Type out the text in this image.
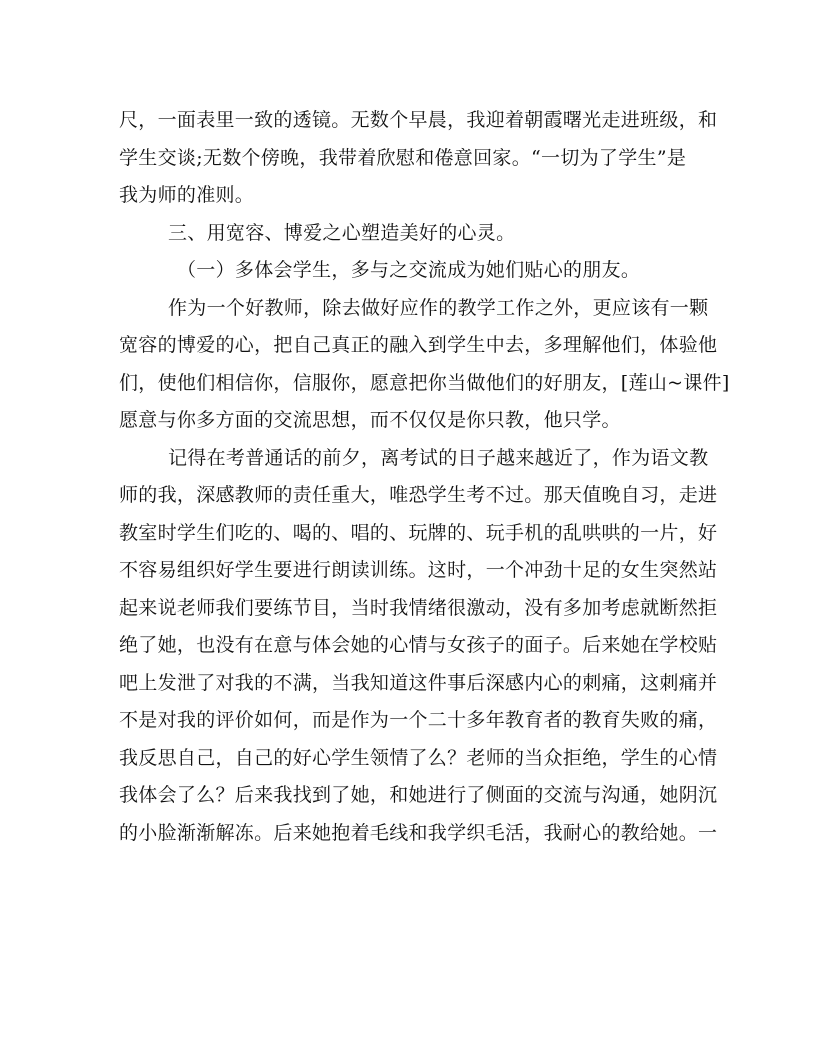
尺，一面表里一致的透镜。无数个早晨，我迎着朝霞曙光走进班级，和
学生交谈;无数个傍晚，我带着欣慰和倦意回家。“一切为了学生”是
我为师的准则。

三、用宽容、博爱之心塑造美好的心灵。

（一）多体会学生，多与之交流成为她们贴心的朋友。

作为一个好教师，除去做好应作的教学工作之外，更应该有一颗
宽容的博爱的心，把自己真正的融入到学生中去，多理解他们，体验他
们，使他们相信你，信服你，愿意把你当做他们的好朋友，[莲山~课件]
愿意与你多方面的交流思想，而不仅仅是你只教，他只学。

记得在考普通话的前夕，离考试的日子越来越近了，作为语文教
师的我，深感教师的责任重大，唯恐学生考不过。那天值晚自习，走进
教室时学生们吃的、喝的、唱的、玩牌的、玩手机的乱哄哄的一片，好
不容易组织好学生要进行朗读训练。这时，一个冲劲十足的女生突然站
起来说老师我们要练节目，当时我情绪很激动，没有多加考虑就断然拒
绝了她，也没有在意与体会她的心情与女孩子的面子。后来她在学校贴
吧上发泄了对我的不满，当我知道这件事后深感内心的刺痛，这刺痛并
不是对我的评价如何，而是作为一个二十多年教育者的教育失败的痛，
我反思自己，自己的好心学生领情了么？老师的当众拒绝，学生的心情
我体会了么？后来我找到了她，和她进行了侧面的交流与沟通，她阴沉
的小脸渐渐解冻。后来她抱着毛线和我学织毛活，我耐心的教给她。一
